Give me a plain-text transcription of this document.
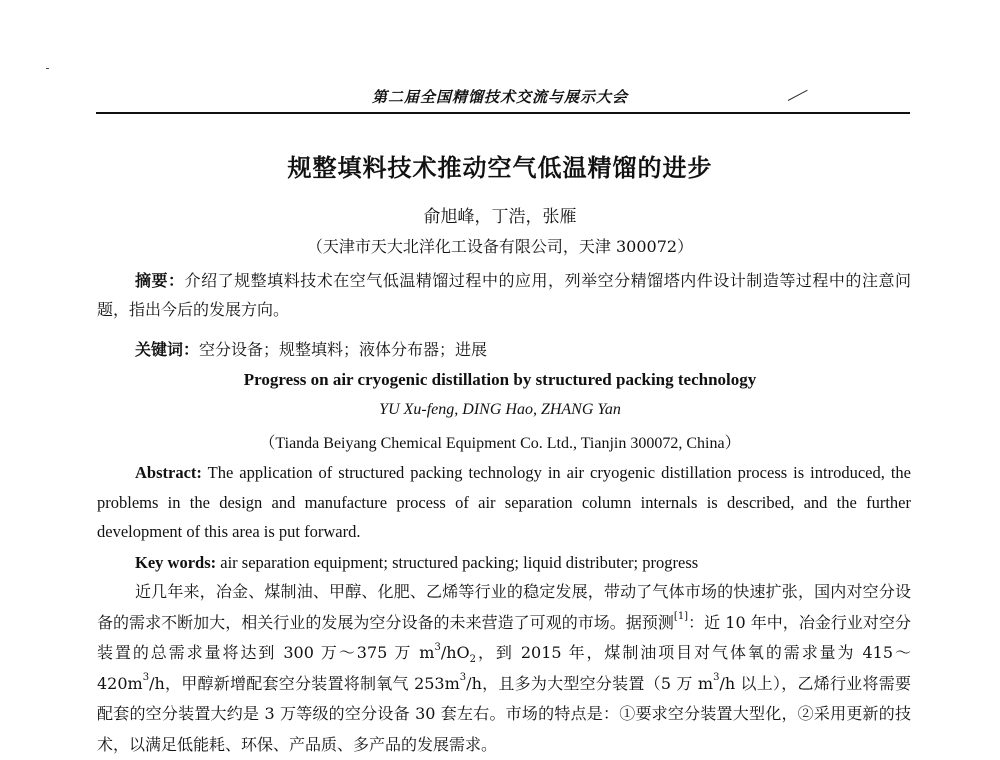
第二届全国精馏技术交流与展示大会
规整填料技术推动空气低温精馏的进步
俞旭峰，丁浩，张雁
（天津市天大北洋化工设备有限公司，天津 300072）
摘要：介绍了规整填料技术在空气低温精馏过程中的应用，列举空分精馏塔内件设计制造等过程中的注意问题，指出今后的发展方向。
关键词：空分设备；规整填料；液体分布器；进展
Progress on air cryogenic distillation by structured packing technology
YU Xu-feng, DING Hao, ZHANG Yan
（Tianda Beiyang Chemical Equipment Co. Ltd., Tianjin 300072, China）
Abstract: The application of structured packing technology in air cryogenic distillation process is introduced, the problems in the design and manufacture process of air separation column internals is described, and the further development of this area is put forward.
Key words: air separation equipment; structured packing; liquid distributer; progress
近几年来，冶金、煤制油、甲醇、化肥、乙烯等行业的稳定发展，带动了气体市场的快速扩张，国内对空分设备的需求不断加大，相关行业的发展为空分设备的未来营造了可观的市场。据预测[1]：近 10 年中，冶金行业对空分装置的总需求量将达到 300 万～375 万 $m^3/hO_2$，到 2015 年，煤制油项目对气体氧的需求量为 $415\sim 420m^3/h$，甲醇新增配套空分装置将制氧气 $253m^3/h$，且多为大型空分装置（5 万 $m^3/h$ 以上），乙烯行业将需要配套的空分装置大约是 3 万等级的空分设备 30 套左右。市场的特点是：①要求空分装置大型化，②采用更新的技术，以满足低能耗、环保、产品质、多产品的发展需求。
